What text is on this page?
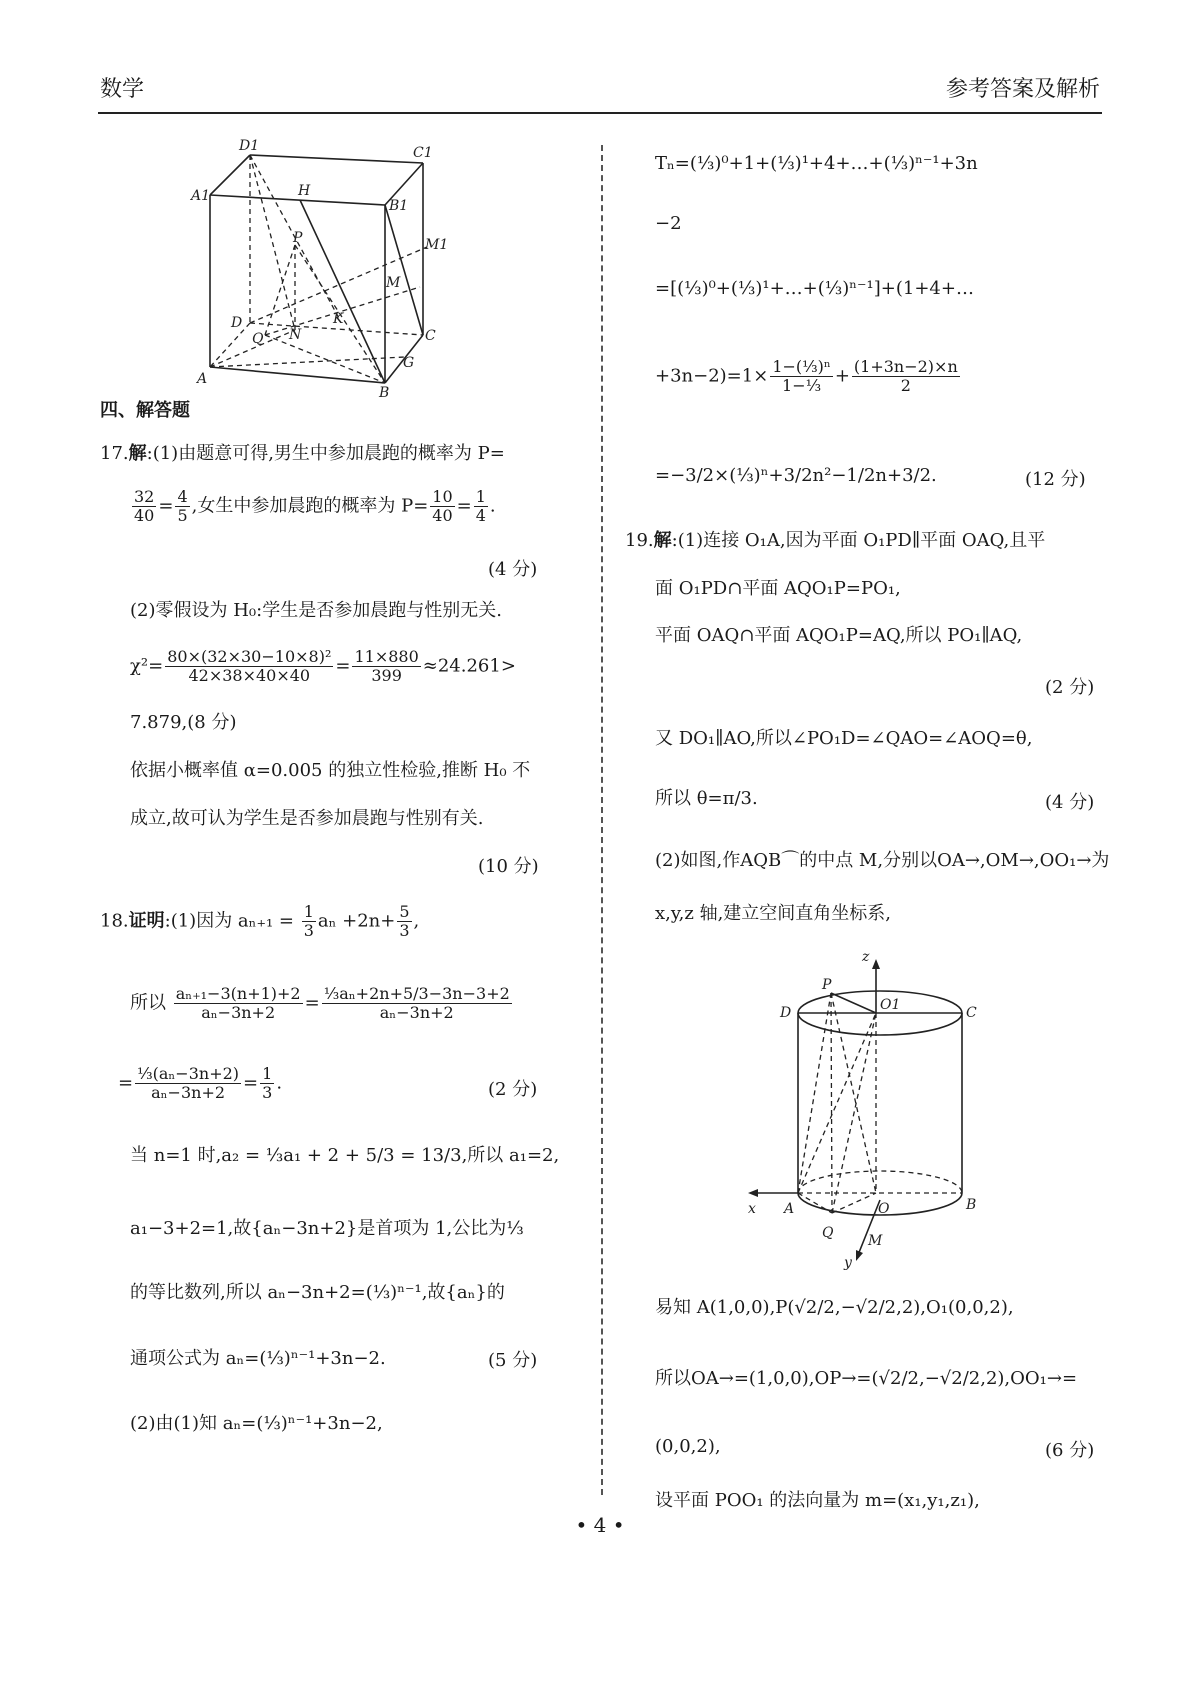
数学	参考答案及解析
D1	C1
A1	H
B1
P	M1
M
D	K
C
Q N
G
A
B
四、解答题
17.解:(1)由题意可得,男生中参加晨跑的概率为 P=
$\frac{32}{40} = \frac{4}{5}$ ,女生中参加晨跑的概率为 $P= \frac{10}{40} = \frac{1}{4}$ .
(4 分)
(2)零假设为 H₀:学生是否参加晨跑与性别无关.
$\chi^2= \frac{\text{80×(32×30−10×8)²}}{42\times 38\times 40\times 40} = \frac{11\times 880}{399} \approx 24.261>$
7.879,(8 分)
依据小概率值 α=0.005 的独立性检验,推断 H₀ 不
成立,故可认为学生是否参加晨跑与性别有关.
(10 分)
18.证明:(1)因为 $a_{n+1} = \frac{1}{3}$ $a_n +2n+ \frac{5}{3}$ ,
所以 $\frac{\text{aₙ₊₁−3(n+1)+2}}{\text{aₙ−3n+2}} = \frac{\text{⅓aₙ+2n+5/3−3n−3+2}}{\text{aₙ−3n+2}}$
= $\frac{\text{⅓(aₙ−3n+2)}}{\text{aₙ−3n+2}} = \frac{1}{3}$ .	(2 分)
当 n=1 时,a₂ = ⅓a₁ + 2 + 5/3 = 13/3,所以 a₁=2,
a₁−3+2=1,故{aₙ−3n+2}是首项为 1,公比为⅓
的等比数列,所以 aₙ−3n+2=(⅓)ⁿ⁻¹,故{aₙ}的
通项公式为 aₙ=(⅓)ⁿ⁻¹+3n−2.	(5 分)
(2)由(1)知 aₙ=(⅓)ⁿ⁻¹+3n−2,
Tₙ=(⅓)⁰+1+(⅓)¹+4+…+(⅓)ⁿ⁻¹+3n
−2
=[(⅓)⁰+(⅓)¹+…+(⅓)ⁿ⁻¹]+(1+4+…
$+3n-2)=1\times \frac{\text{1−(⅓)ⁿ}}{\text{1−⅓}} + \frac{(1+3n-2)\times n}{2}$
=−3/2×(⅓)ⁿ+3/2n²−1/2n+3/2.	(12 分)
19.解:(1)连接 O₁A,因为平面 O₁PD∥平面 OAQ,且平
面 O₁PD∩平面 AQO₁P=PO₁,
平面 OAQ∩平面 AQO₁P=AQ,所以 PO₁∥AQ,
(2 分)
又 DO₁∥AO,所以∠PO₁D=∠QAO=∠AOQ=θ,
所以 θ=π/3.	(4 分)
(2)如图,作AQB⌒的中点 M,分别以OA→,OM→,OO₁→为
x,y,z 轴,建立空间直角坐标系,
z
P
O1
D	C
x A	O	B
Q M
y
易知 A(1,0,0),P(√2/2,−√2/2,2),O₁(0,0,2),
所以OA→=(1,0,0),OP→=(√2/2,−√2/2,2),OO₁→=
(0,0,2),	(6 分)
设平面 POO₁ 的法向量为 m=(x₁,y₁,z₁),
• 4 •
